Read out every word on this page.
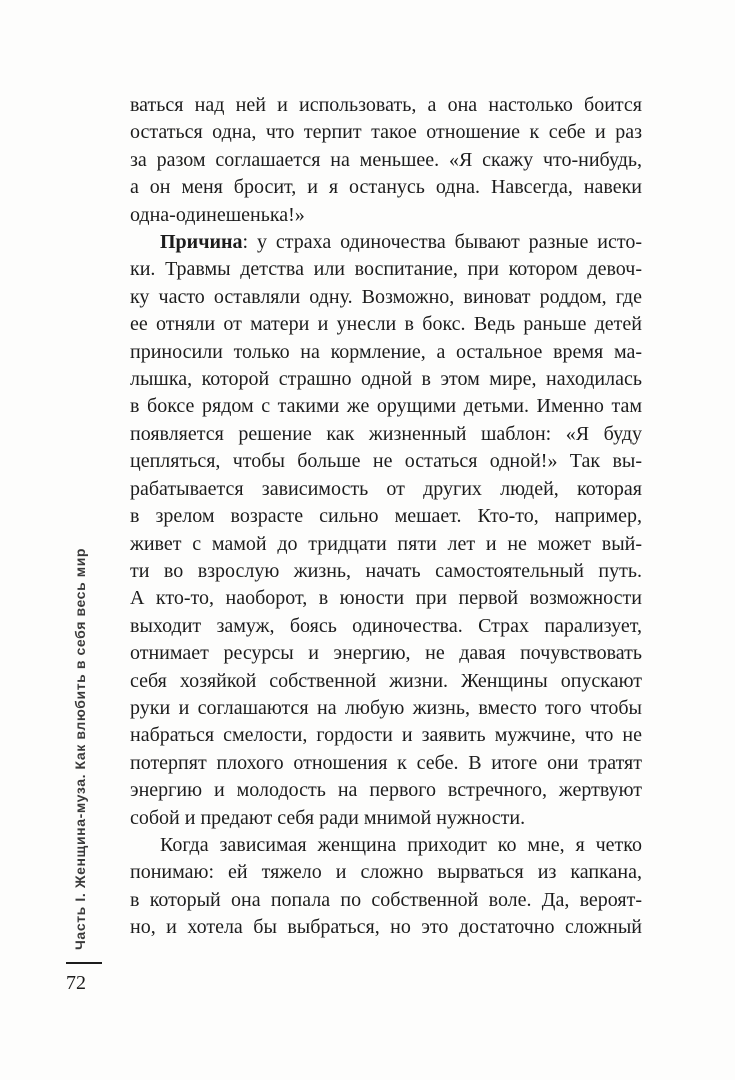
Часть I. Женщина-муза. Как влюбить в себя весь мир
ваться над ней и использовать, а она настолько боится
остаться одна, что терпит такое отношение к себе и раз
за разом соглашается на меньшее. «Я скажу что-нибудь,
а он меня бросит, и я останусь одна. Навсегда, навеки
одна-одинешенька!»
Причина: у страха одиночества бывают разные исто-
ки. Травмы детства или воспитание, при котором девоч-
ку часто оставляли одну. Возможно, виноват роддом, где
ее отняли от матери и унесли в бокс. Ведь раньше детей
приносили только на кормление, а остальное время ма-
лышка, которой страшно одной в этом мире, находилась
в боксе рядом с такими же орущими детьми. Именно там
появляется решение как жизненный шаблон: «Я буду
цепляться, чтобы больше не остаться одной!» Так вы-
рабатывается зависимость от других людей, которая
в зрелом возрасте сильно мешает. Кто-то, например,
живет с мамой до тридцати пяти лет и не может вый-
ти во взрослую жизнь, начать самостоятельный путь.
А кто-то, наоборот, в юности при первой возможности
выходит замуж, боясь одиночества. Страх парализует,
отнимает ресурсы и энергию, не давая почувствовать
себя хозяйкой собственной жизни. Женщины опускают
руки и соглашаются на любую жизнь, вместо того чтобы
набраться смелости, гордости и заявить мужчине, что не
потерпят плохого отношения к себе. В итоге они тратят
энергию и молодость на первого встречного, жертвуют
собой и предают себя ради мнимой нужности.
Когда зависимая женщина приходит ко мне, я четко
понимаю: ей тяжело и сложно вырваться из капкана,
в который она попала по собственной воле. Да, вероят-
но, и хотела бы выбраться, но это достаточно сложный
72
